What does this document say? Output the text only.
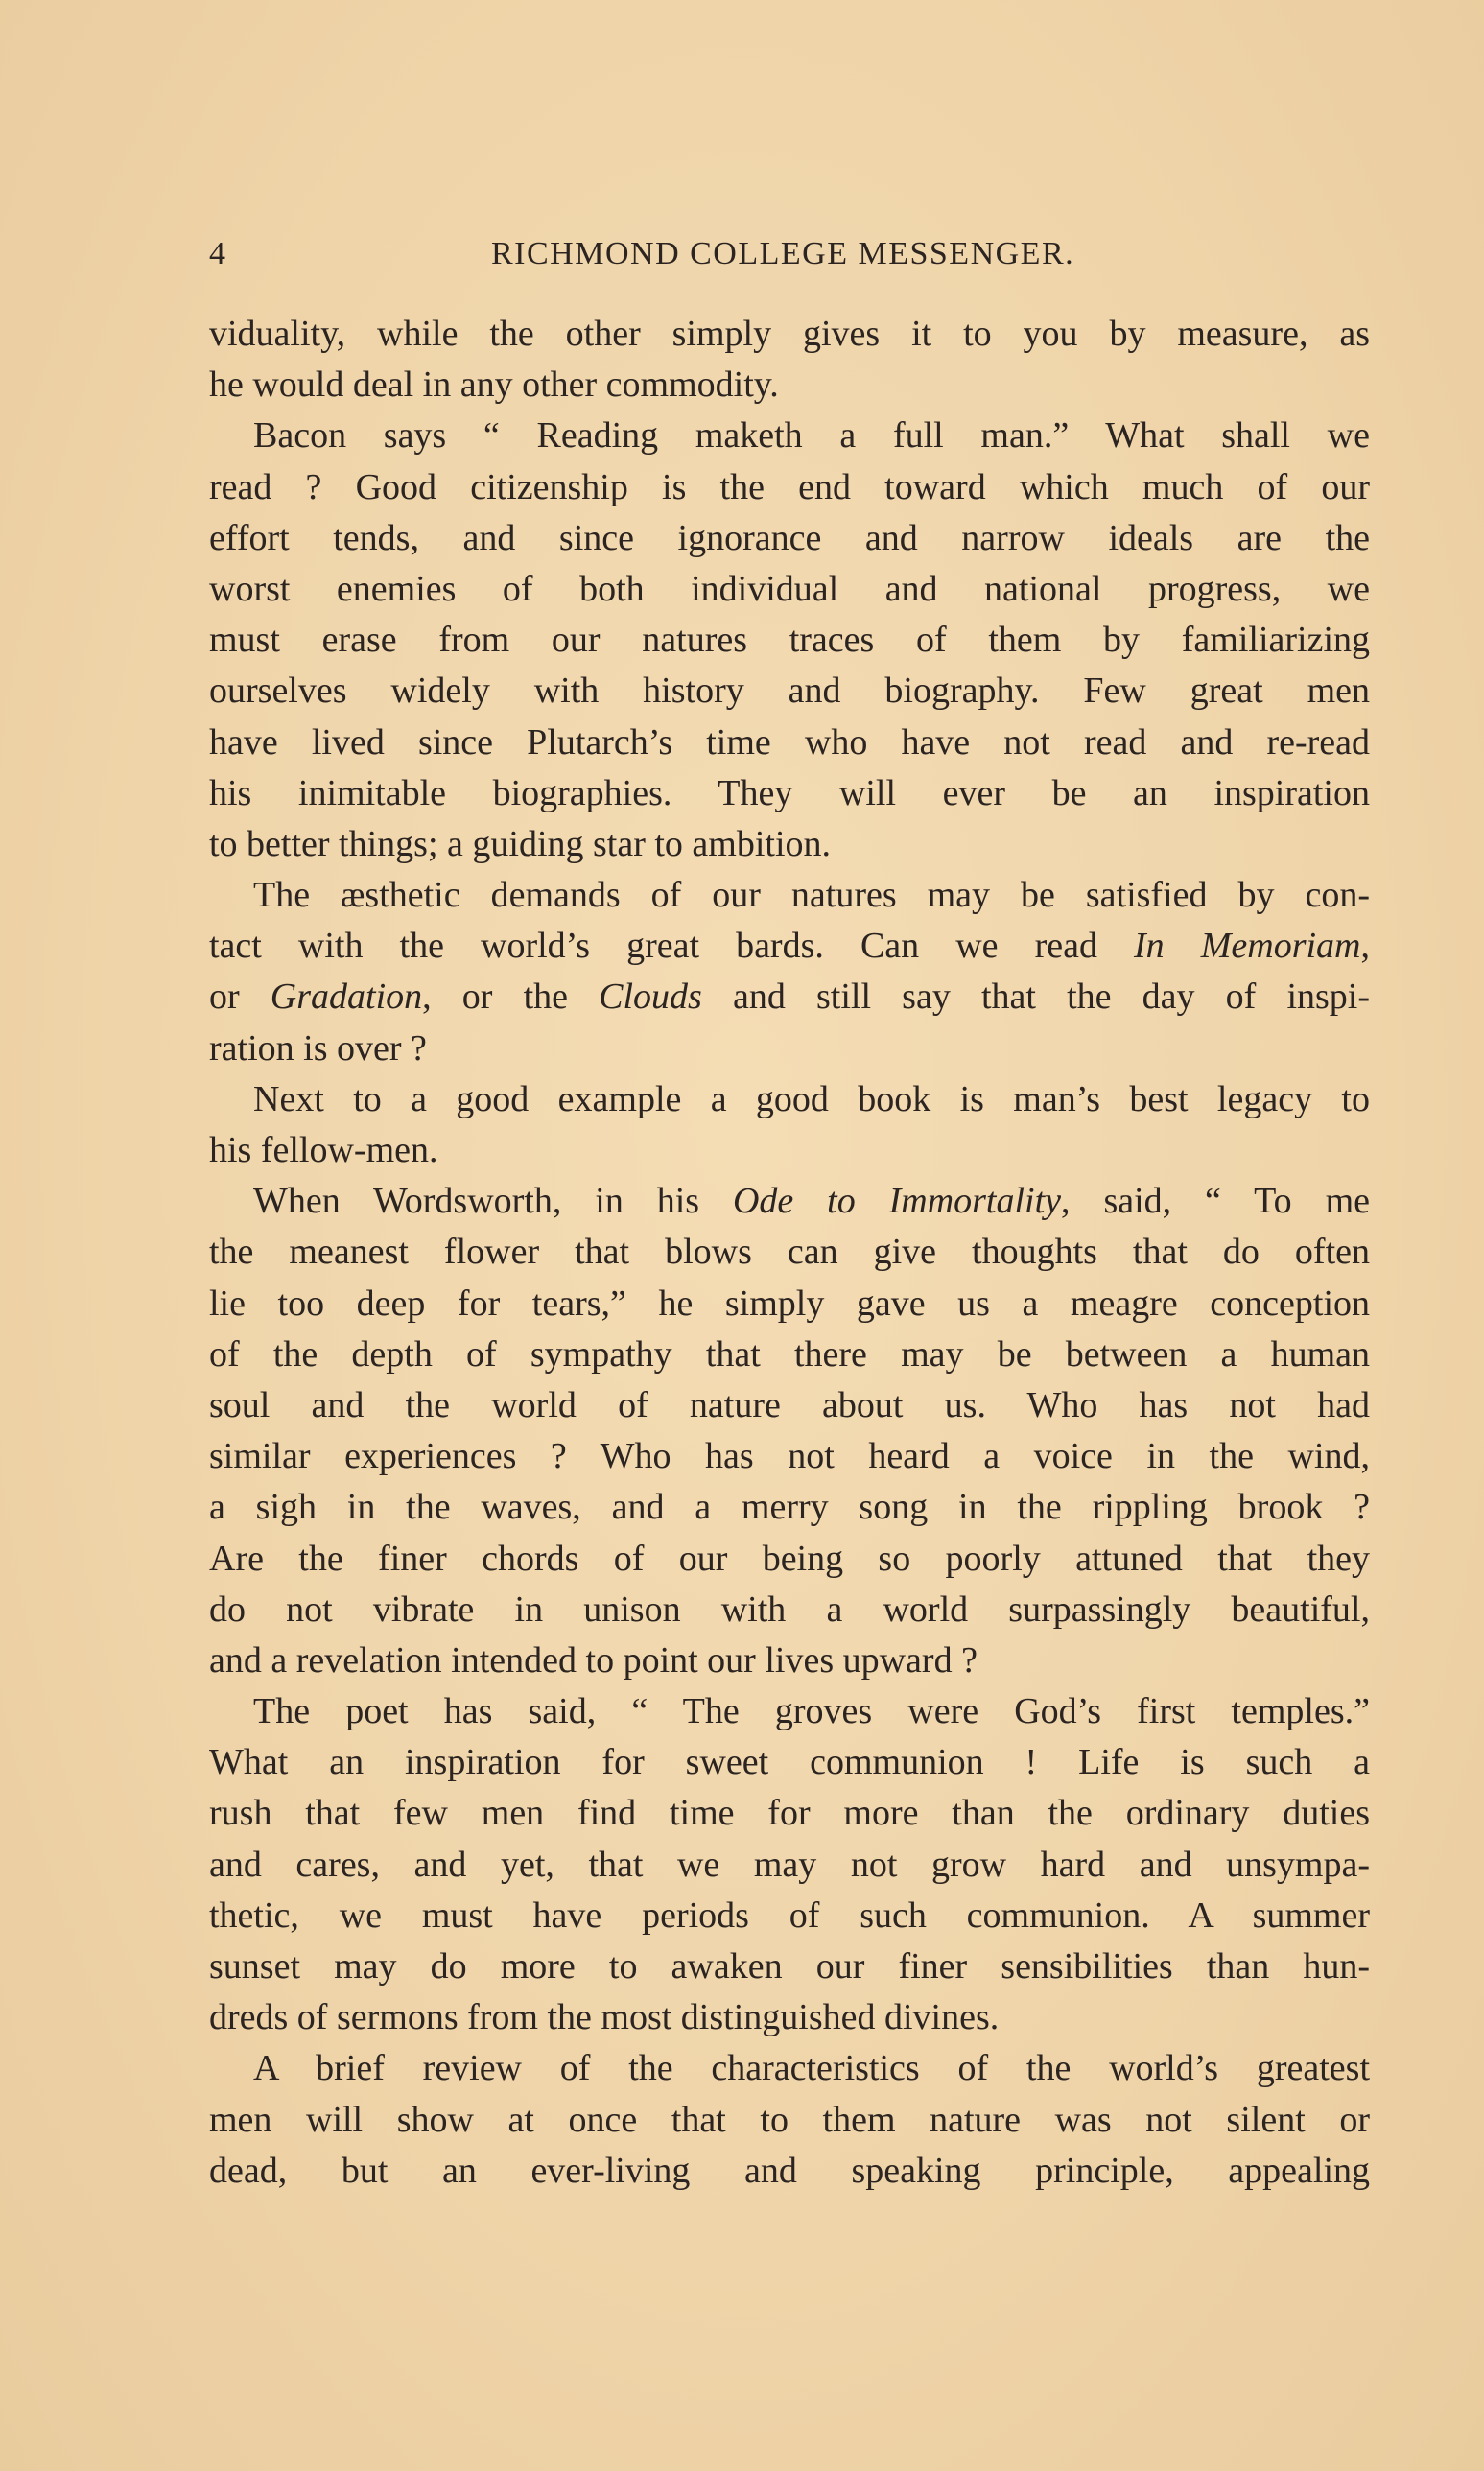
4	RICHMOND COLLEGE MESSENGER.
viduality, while the other simply gives it to you by measure, as
he would deal in any other commodity.
Bacon says “ Reading maketh a full man.” What shall we
read ? Good citizenship is the end toward which much of our
effort tends, and since ignorance and narrow ideals are the
worst enemies of both individual and national progress, we
must erase from our natures traces of them by familiarizing
ourselves widely with history and biography. Few great men
have lived since Plutarch’s time who have not read and re-read
his inimitable biographies. They will ever be an inspiration
to better things; a guiding star to ambition.
The æsthetic demands of our natures may be satisfied by con-
tact with the world’s great bards. Can we read In Memoriam,
or Gradation, or the Clouds and still say that the day of inspi-
ration is over ?
Next to a good example a good book is man’s best legacy to
his fellow-men.
When Wordsworth, in his Ode to Immortality, said, “ To me
the meanest flower that blows can give thoughts that do often
lie too deep for tears,” he simply gave us a meagre conception
of the depth of sympathy that there may be between a human
soul and the world of nature about us. Who has not had
similar experiences ? Who has not heard a voice in the wind,
a sigh in the waves, and a merry song in the rippling brook ?
Are the finer chords of our being so poorly attuned that they
do not vibrate in unison with a world surpassingly beautiful,
and a revelation intended to point our lives upward ?
The poet has said, “ The groves were God’s first temples.”
What an inspiration for sweet communion ! Life is such a
rush that few men find time for more than the ordinary duties
and cares, and yet, that we may not grow hard and unsympa-
thetic, we must have periods of such communion. A summer
sunset may do more to awaken our finer sensibilities than hun-
dreds of sermons from the most distinguished divines.
A brief review of the characteristics of the world’s greatest
men will show at once that to them nature was not silent or
dead, but an ever-living and speaking principle, appealing
